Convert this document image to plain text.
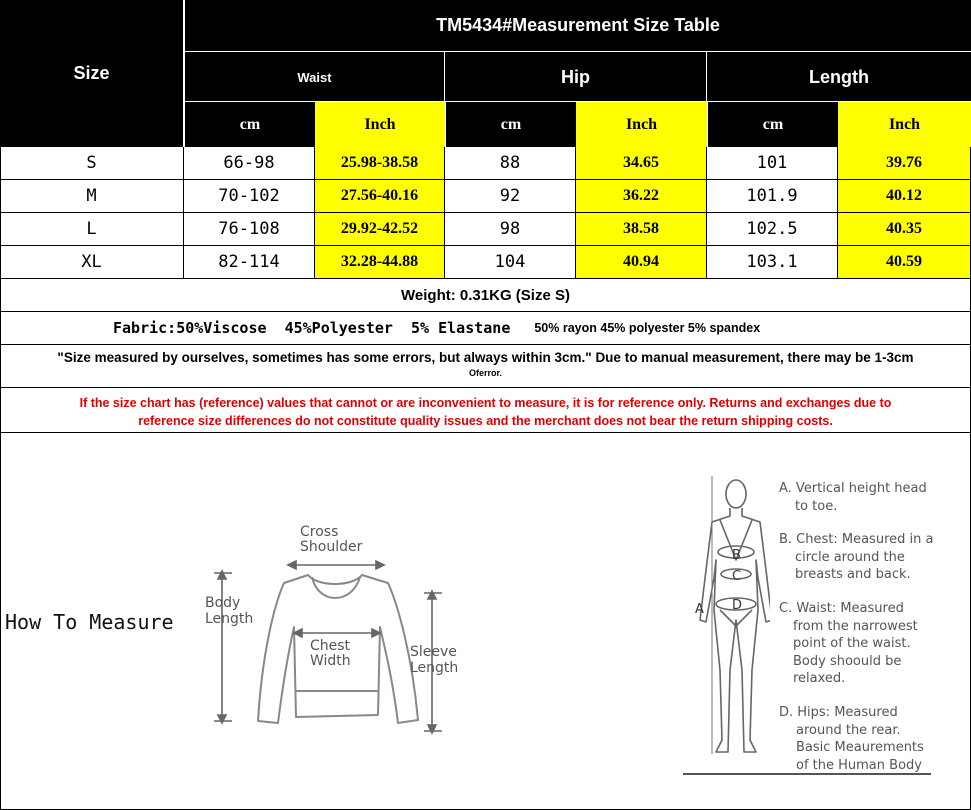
Size
TM5434#Measurement Size Table
Waist	Hip	Length
cm	Inch	cm	Inch	cm	Inch
S	66-98	25.98-38.58	88	34.65	101	39.76
M	70-102	27.56-40.16	92	36.22	101.9	40.12
L	76-108	29.92-42.52	98	38.58	102.5	40.35
XL	82-114	32.28-44.88	104	40.94	103.1	40.59
Weight: 0.31KG (Size S)
Fabric:50%Viscose  45%Polyester  5% Elastane 50% rayon 45% polyester 5% spandex
"Size measured by ourselves, sometimes has some errors, but always within 3cm." Due to manual measurement, there may be 1-3cm
Oferror.
If the size chart has (reference) values that cannot or are inconvenient to measure, it is for reference only. Returns and exchanges due to
reference size differences do not constitute quality issues and the merchant does not bear the return shipping costs.
How To Measure
Cross
Shoulder
Body
Length
Chest
Width
Sleeve
Length
A
B
C
D
A. Vertical height head
to toe.
B. Chest: Measured in a
circle around the
breasts and back.
C. Waist: Measured
from the narrowest
point of the waist.
Body shoould be
relaxed.
D. Hips: Measured
around the rear.
Basic Meaurements
of the Human Body
